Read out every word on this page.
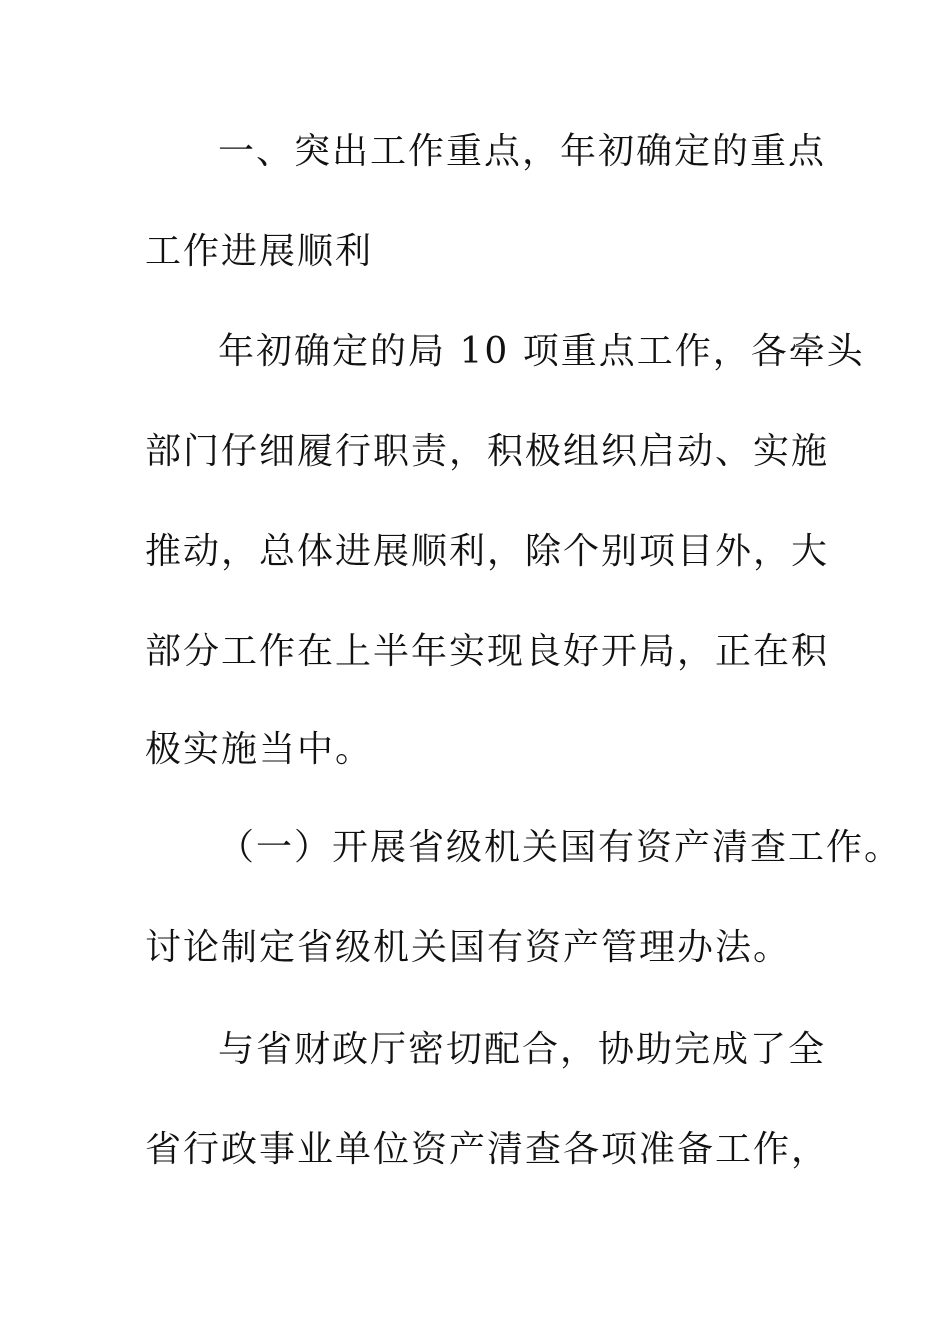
一、突出工作重点，年初确定的重点

工作进展顺利

年初确定的局 10 项重点工作，各牵头

部门仔细履行职责，积极组织启动、实施

推动，总体进展顺利，除个别项目外，大

部分工作在上半年实现良好开局，正在积

极实施当中。

（一）开展省级机关国有资产清查工作。

讨论制定省级机关国有资产管理办法。

与省财政厅密切配合，协助完成了全

省行政事业单位资产清查各项准备工作，
